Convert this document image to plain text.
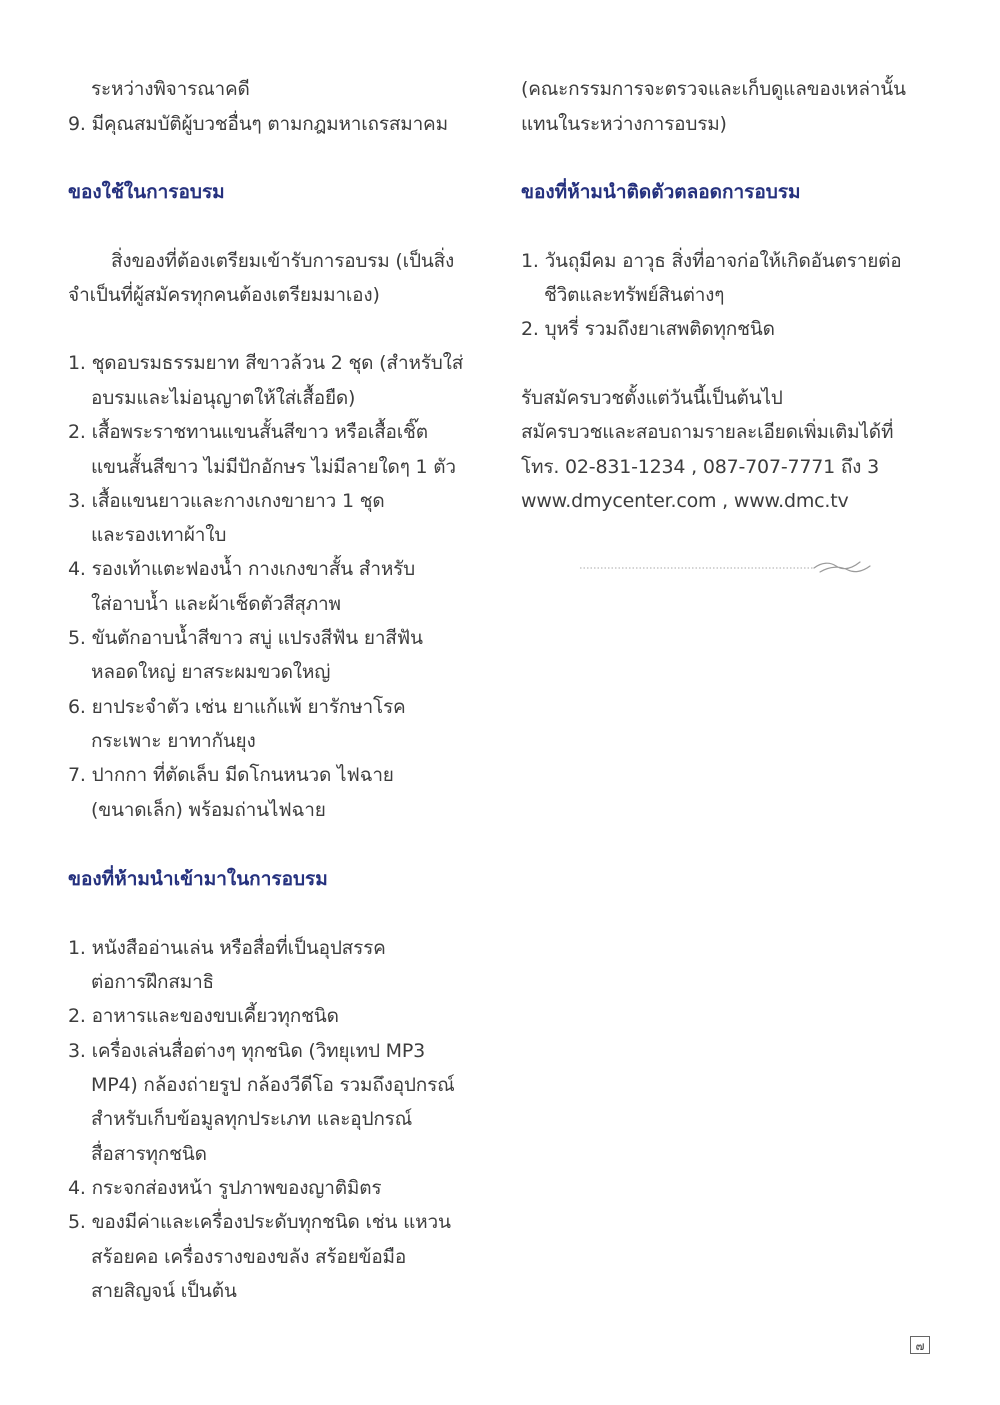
ระหว่างพิจารณาคดี
9. มีคุณสมบัติผู้บวชอื่นๆ ตามกฎมหาเถรสมาคม
ของใช้ในการอบรม
สิ่งของที่ต้องเตรียมเข้ารับการอบรม (เป็นสิ่ง
จำเป็นที่ผู้สมัครทุกคนต้องเตรียมมาเอง)
1. ชุดอบรมธรรมยาท สีขาวล้วน 2 ชุด (สำหรับใส่
อบรมและไม่อนุญาตให้ใส่เสื้อยืด)
2. เสื้อพระราชทานแขนสั้นสีขาว หรือเสื้อเชิ๊ต
แขนสั้นสีขาว ไม่มีปักอักษร ไม่มีลายใดๆ 1 ตัว
3. เสื้อแขนยาวและกางเกงขายาว 1 ชุด
และรองเทาผ้าใบ
4. รองเท้าแตะฟองน้ำ กางเกงขาสั้น สำหรับ
ใส่อาบน้ำ และผ้าเช็ดตัวสีสุภาพ
5. ขันตักอาบน้ำสีขาว สบู่ แปรงสีฟัน ยาสีฟัน
หลอดใหญ่ ยาสระผมขวดใหญ่
6. ยาประจำตัว เช่น ยาแก้แพ้ ยารักษาโรค
กระเพาะ ยาทากันยุง
7. ปากกา ที่ตัดเล็บ มีดโกนหนวด ไฟฉาย
(ขนาดเล็ก) พร้อมถ่านไฟฉาย
ของที่ห้ามนำเข้ามาในการอบรม
1. หนังสืออ่านเล่น หรือสื่อที่เป็นอุปสรรค
ต่อการฝึกสมาธิ
2. อาหารและของขบเคี้ยวทุกชนิด
3. เครื่องเล่นสื่อต่างๆ ทุกชนิด (วิทยุเทป MP3
MP4) กล้องถ่ายรูป กล้องวีดีโอ รวมถึงอุปกรณ์
สำหรับเก็บข้อมูลทุกประเภท และอุปกรณ์
สื่อสารทุกชนิด
4. กระจกส่องหน้า รูปภาพของญาติมิตร
5. ของมีค่าและเครื่องประดับทุกชนิด เช่น แหวน
สร้อยคอ เครื่องรางของขลัง สร้อยข้อมือ
สายสิญจน์ เป็นต้น
(คณะกรรมการจะตรวจและเก็บดูแลของเหล่านั้น
แทนในระหว่างการอบรม)
ของที่ห้ามนำติดตัวตลอดการอบรม
1. วันถุมีคม อาวุธ สิ่งที่อาจก่อให้เกิดอันตรายต่อ
ชีวิตและทรัพย์สินต่างๆ
2. บุหรี่ รวมถึงยาเสพติดทุกชนิด
รับสมัครบวชตั้งแต่วันนี้เป็นต้นไป
สมัครบวชและสอบถามรายละเอียดเพิ่มเติมได้ที่
โทร. 02-831-1234 , 087-707-7771 ถึง 3
www.dmycenter.com , www.dmc.tv
๗
